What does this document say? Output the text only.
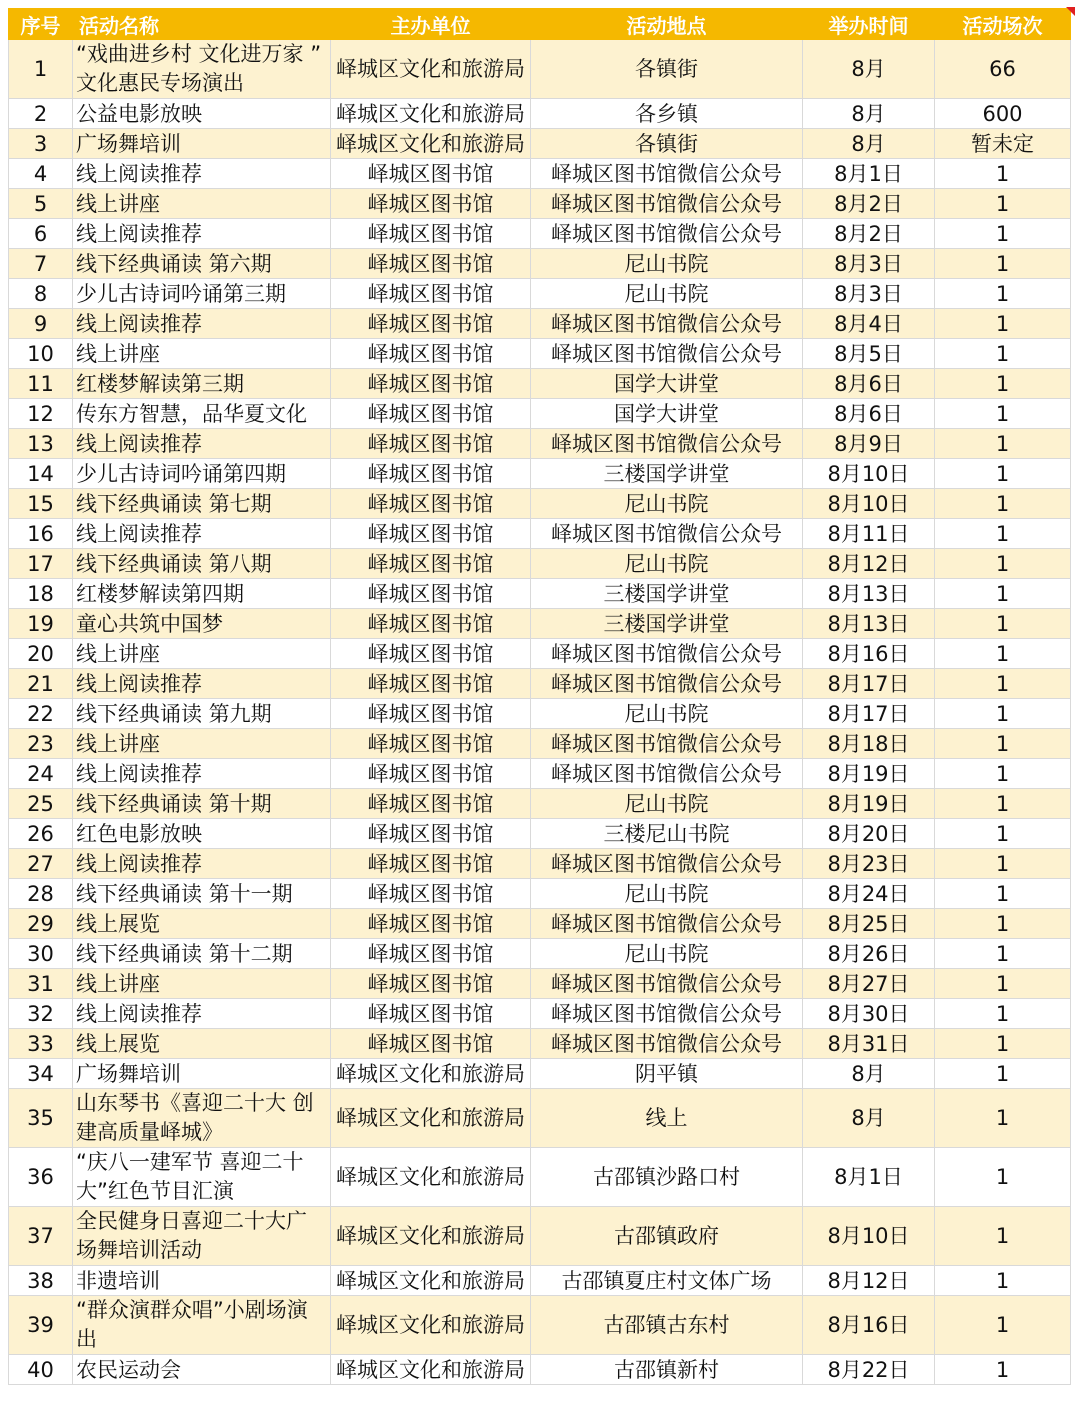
序号	活动名称	主办单位	活动地点	举办时间	活动场次
1	“戏曲进乡村 文化进万家 ” 文化惠民专场演出	峄城区文化和旅游局	各镇街	8月	66
2	公益电影放映	峄城区文化和旅游局	各乡镇	8月	600
3	广场舞培训	峄城区文化和旅游局	各镇街	8月	暂未定
4	线上阅读推荐	峄城区图书馆	峄城区图书馆微信公众号	8月1日	1
5	线上讲座	峄城区图书馆	峄城区图书馆微信公众号	8月2日	1
6	线上阅读推荐	峄城区图书馆	峄城区图书馆微信公众号	8月2日	1
7	线下经典诵读 第六期	峄城区图书馆	尼山书院	8月3日	1
8	少儿古诗词吟诵第三期	峄城区图书馆	尼山书院	8月3日	1
9	线上阅读推荐	峄城区图书馆	峄城区图书馆微信公众号	8月4日	1
10	线上讲座	峄城区图书馆	峄城区图书馆微信公众号	8月5日	1
11	红楼梦解读第三期	峄城区图书馆	国学大讲堂	8月6日	1
12	传东方智慧，品华夏文化	峄城区图书馆	国学大讲堂	8月6日	1
13	线上阅读推荐	峄城区图书馆	峄城区图书馆微信公众号	8月9日	1
14	少儿古诗词吟诵第四期	峄城区图书馆	三楼国学讲堂	8月10日	1
15	线下经典诵读 第七期	峄城区图书馆	尼山书院	8月10日	1
16	线上阅读推荐	峄城区图书馆	峄城区图书馆微信公众号	8月11日	1
17	线下经典诵读 第八期	峄城区图书馆	尼山书院	8月12日	1
18	红楼梦解读第四期	峄城区图书馆	三楼国学讲堂	8月13日	1
19	童心共筑中国梦	峄城区图书馆	三楼国学讲堂	8月13日	1
20	线上讲座	峄城区图书馆	峄城区图书馆微信公众号	8月16日	1
21	线上阅读推荐	峄城区图书馆	峄城区图书馆微信公众号	8月17日	1
22	线下经典诵读 第九期	峄城区图书馆	尼山书院	8月17日	1
23	线上讲座	峄城区图书馆	峄城区图书馆微信公众号	8月18日	1
24	线上阅读推荐	峄城区图书馆	峄城区图书馆微信公众号	8月19日	1
25	线下经典诵读 第十期	峄城区图书馆	尼山书院	8月19日	1
26	红色电影放映	峄城区图书馆	三楼尼山书院	8月20日	1
27	线上阅读推荐	峄城区图书馆	峄城区图书馆微信公众号	8月23日	1
28	线下经典诵读 第十一期	峄城区图书馆	尼山书院	8月24日	1
29	线上展览	峄城区图书馆	峄城区图书馆微信公众号	8月25日	1
30	线下经典诵读 第十二期	峄城区图书馆	尼山书院	8月26日	1
31	线上讲座	峄城区图书馆	峄城区图书馆微信公众号	8月27日	1
32	线上阅读推荐	峄城区图书馆	峄城区图书馆微信公众号	8月30日	1
33	线上展览	峄城区图书馆	峄城区图书馆微信公众号	8月31日	1
34	广场舞培训	峄城区文化和旅游局	阴平镇	8月	1
35	山东琴书《喜迎二十大 创建高质量峄城》	峄城区文化和旅游局	线上	8月	1
36	“庆八一建军节 喜迎二十大”红色节目汇演	峄城区文化和旅游局	古邵镇沙路口村	8月1日	1
37	全民健身日喜迎二十大广场舞培训活动	峄城区文化和旅游局	古邵镇政府	8月10日	1
38	非遗培训	峄城区文化和旅游局	古邵镇夏庄村文体广场	8月12日	1
39	“群众演群众唱”小剧场演出	峄城区文化和旅游局	古邵镇古东村	8月16日	1
40	农民运动会	峄城区文化和旅游局	古邵镇新村	8月22日	1
